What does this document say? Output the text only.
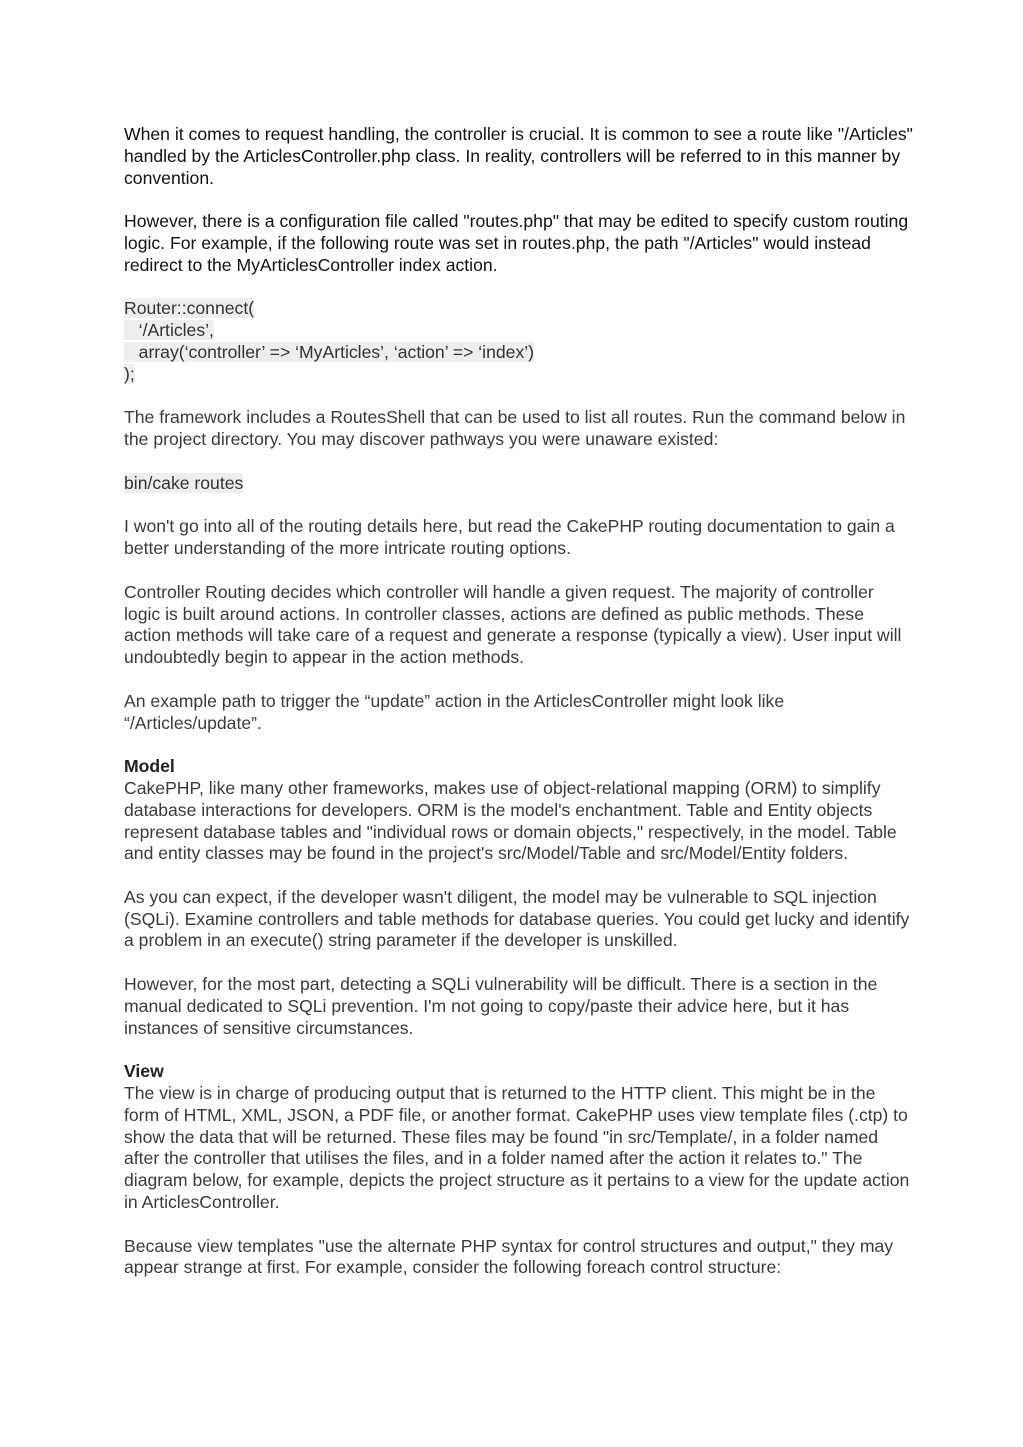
When it comes to request handling, the controller is crucial. It is common to see a route like "/Articles" handled by the ArticlesController.php class. In reality, controllers will be referred to in this manner by convention.

However, there is a configuration file called "routes.php" that may be edited to specify custom routing logic. For example, if the following route was set in routes.php, the path "/Articles" would instead redirect to the MyArticlesController index action.

Router::connect(
‘/Articles’,
array(‘controller’ => ‘MyArticles’, ‘action’ => ‘index’)
);

The framework includes a RoutesShell that can be used to list all routes. Run the command below in the project directory. You may discover pathways you were unaware existed:

bin/cake routes

I won't go into all of the routing details here, but read the CakePHP routing documentation to gain a better understanding of the more intricate routing options.

Controller Routing decides which controller will handle a given request. The majority of controller logic is built around actions. In controller classes, actions are defined as public methods. These action methods will take care of a request and generate a response (typically a view). User input will undoubtedly begin to appear in the action methods.

An example path to trigger the “update” action in the ArticlesController might look like “/Articles/update”.

Model
CakePHP, like many other frameworks, makes use of object-relational mapping (ORM) to simplify database interactions for developers. ORM is the model's enchantment. Table and Entity objects represent database tables and "individual rows or domain objects," respectively, in the model. Table and entity classes may be found in the project's src/Model/Table and src/Model/Entity folders.

As you can expect, if the developer wasn't diligent, the model may be vulnerable to SQL injection (SQLi). Examine controllers and table methods for database queries. You could get lucky and identify a problem in an execute() string parameter if the developer is unskilled.

However, for the most part, detecting a SQLi vulnerability will be difficult. There is a section in the manual dedicated to SQLi prevention. I'm not going to copy/paste their advice here, but it has instances of sensitive circumstances.

View
The view is in charge of producing output that is returned to the HTTP client. This might be in the form of HTML, XML, JSON, a PDF file, or another format. CakePHP uses view template files (.ctp) to show the data that will be returned. These files may be found "in src/Template/, in a folder named after the controller that utilises the files, and in a folder named after the action it relates to." The diagram below, for example, depicts the project structure as it pertains to a view for the update action in ArticlesController.

Because view templates "use the alternate PHP syntax for control structures and output," they may appear strange at first. For example, consider the following foreach control structure:
